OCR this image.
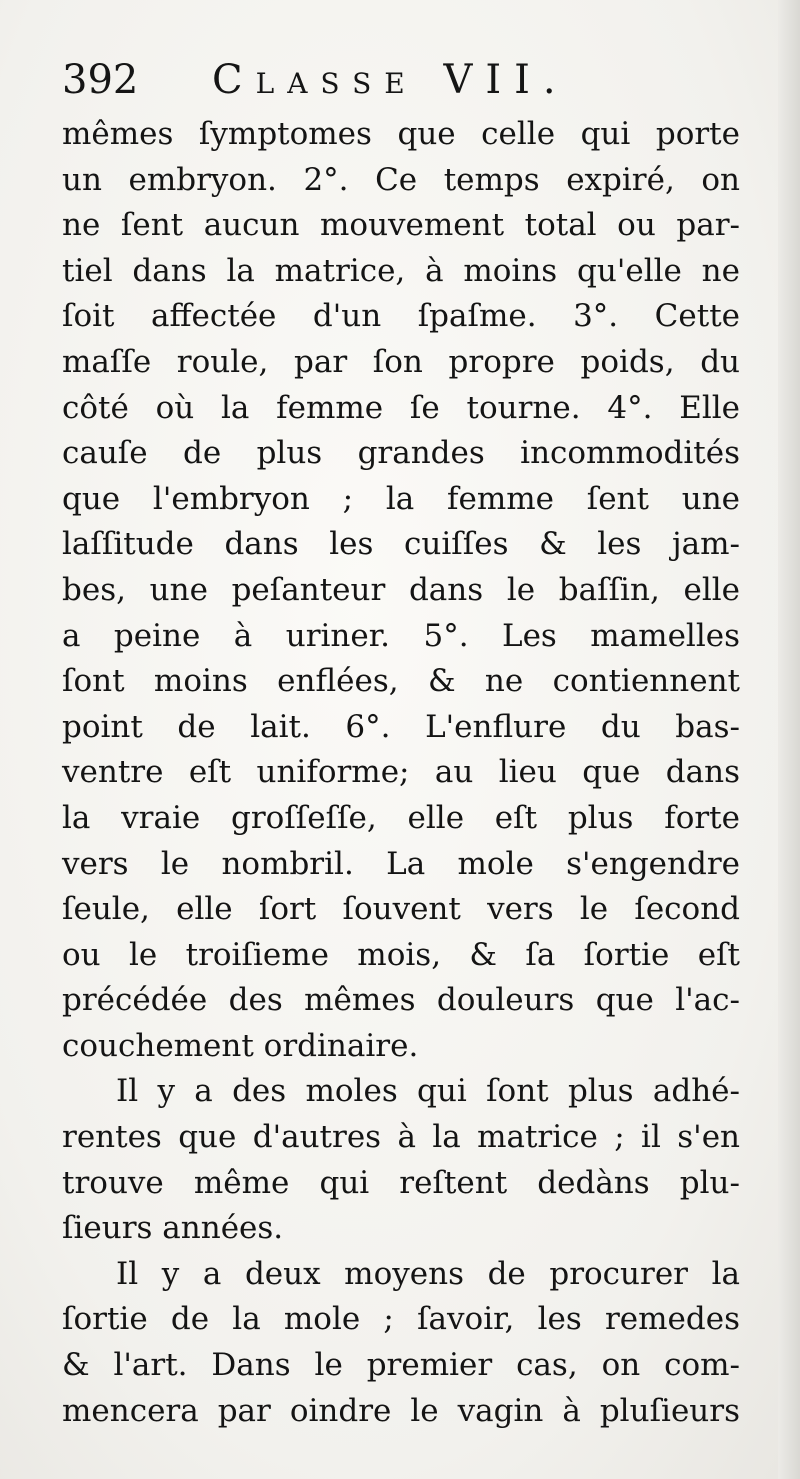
392 Classe VII.
mêmes ſymptomes que celle qui porte
un embryon. 2°. Ce temps expiré, on
ne ſent aucun mouvement total ou par-
tiel dans la matrice, à moins qu'elle ne
ſoit affectée d'un ſpaſme. 3°. Cette
maſſe roule, par ſon propre poids, du
côté où la femme ſe tourne. 4°. Elle
cauſe de plus grandes incommodités
que l'embryon ; la femme ſent une
laſſitude dans les cuiſſes & les jam-
bes, une peſanteur dans le baſſin, elle
a peine à uriner. 5°. Les mamelles
ſont moins enflées, & ne contiennent
point de lait. 6°. L'enflure du bas-
ventre eſt uniforme; au lieu que dans
la vraie groſſeſſe, elle eſt plus forte
vers le nombril. La mole s'engendre
ſeule, elle ſort ſouvent vers le ſecond
ou le troiſieme mois, & ſa ſortie eſt
précédée des mêmes douleurs que l'ac-
couchement ordinaire.
Il y a des moles qui ſont plus adhé-
rentes que d'autres à la matrice ; il s'en
trouve même qui reſtent dedàns plu-
ſieurs années.
Il y a deux moyens de procurer la
ſortie de la mole ; ſavoir, les remedes
& l'art. Dans le premier cas, on com-
mencera par oindre le vagin à pluſieurs
